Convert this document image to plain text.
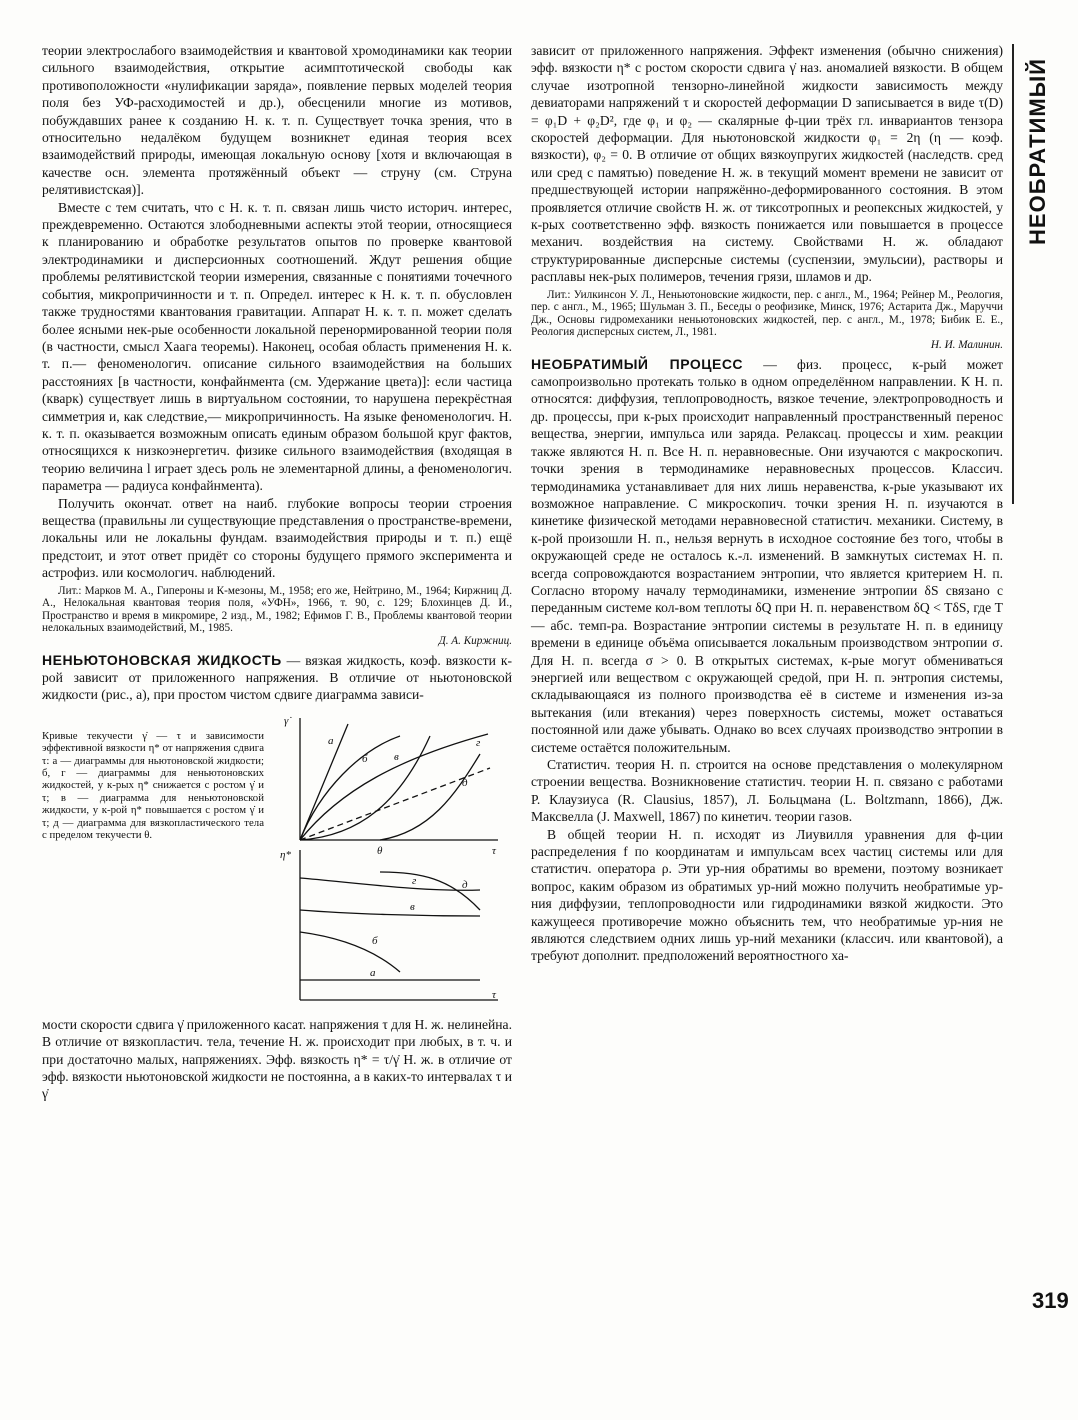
НЕОБРАТИМЫЙ

теории электрослабого взаимодействия и квантовой хромодинамики как теории сильного взаимодействия, открытие асимптотической свободы как противоположности «нулификации заряда», появление первых моделей теория поля без УФ-расходимостей и др.), обесценили многие из мотивов, побуждавших ранее к созданию Н. к. т. п. Существует точка зрения, что в относительно недалёком будущем возникнет единая теория всех взаимодействий природы, имеющая локальную основу [хотя и включающая в качестве осн. элемента протяжённый объект — струну (см. Струна релятивистская)].

Вместе с тем считать, что с Н. к. т. п. связан лишь чисто историч. интерес, преждевременно. Остаются злободневными аспекты этой теории, относящиеся к планированию и обработке результатов опытов по проверке квантовой электродинамики и дисперсионных соотношений. Ждут решения общие проблемы релятивистской теории измерения, связанные с понятиями точечного события, микропричинности и т. п. Определ. интерес к Н. к. т. п. обусловлен также трудностями квантования гравитации. Аппарат Н. к. т. п. может сделать более ясными нек-рые особенности локальной перенормированной теории поля (в частности, смысл Хаага теоремы). Наконец, особая область применения Н. к. т. п.— феноменологич. описание сильного взаимодействия на больших расстояниях [в частности, конфайнмента (см. Удержание цвета)]: если частица (кварк) существует лишь в виртуальном состоянии, то нарушена перекрёстная симметрия и, как следствие,— микропричинность. На языке феноменологич. Н. к. т. п. оказывается возможным описать единым образом большой круг фактов, относящихся к низкоэнергетич. физике сильного взаимодействия (входящая в теорию величина l играет здесь роль не элементарной длины, а феноменологич. параметра — радиуса конфайнмента).

Получить окончат. ответ на наиб. глубокие вопросы теории строения вещества (правильны ли существующие представления о пространстве-времени, локальны или не локальны фундам. взаимодействия природы и т. п.) ещё предстоит, и этот ответ придёт со стороны будущего прямого эксперимента и астрофиз. или космологич. наблюдений.

Лит.: Марков М. А., Гипероны и К-мезоны, М., 1958; его же, Нейтрино, М., 1964; Киржниц Д. А., Нелокальная квантовая теория поля, «УФН», 1966, т. 90, с. 129; Блохинцев Д. И., Пространство и время в микромире, 2 изд., М., 1982; Ефимов Г. В., Проблемы квантовой теории нелокальных взаимодействий, М., 1985.
Д. А. Киржниц.

НЕНЬЮТОНОВСКАЯ ЖИДКОСТЬ — вязкая жидкость, коэф. вязкости к-рой зависит от приложенного напряжения. В отличие от ньютоновской жидкости (рис., а), при простом чистом сдвиге диаграмма зависи-

Кривые текучести γ̇ — τ и зависимости эффективной вязкости η* от напряжения сдвига τ: а — диаграммы для ньютоновской жидкости; б, г — диаграммы для неньютоновских жидкостей, у к-рых η* снижается с ростом γ̇ и τ; в — диаграмма для неньютоновской жидкости, у к-рой η* повышается с ростом γ̇ и τ; д — диаграмма для вязкопластического тела с пределом текучести θ.
γ̇
η*	τ
τ
θ
а
б в
г
д
д
г
в
б
а

мости скорости сдвига γ̇ приложенного касат. напряжения τ для Н. ж. нелинейна. В отличие от вязкопластич. тела, течение Н. ж. происходит при любых, в т. ч. и при достаточно малых, напряжениях. Эфф. вязкость η* = τ/γ̇ Н. ж. в отличие от эфф. вязкости ньютоновской жидкости не постоянна, а в каких-то интервалах τ и γ̇

зависит от приложенного напряжения. Эффект изменения (обычно снижения) эфф. вязкости η* с ростом скорости сдвига γ̇ наз. аномалией вязкости. В общем случае изотропной тензорно-линейной жидкости зависимость между девиаторами напряжений τ и скоростей деформации D записывается в виде τ(D) = φ₁D + φ₂D², где φ₁ и φ₂ — скалярные ф-ции трёх гл. инвариантов тензора скоростей деформации. Для ньютоновской жидкости φ₁ = 2η (η — коэф. вязкости), φ₂ = 0. В отличие от общих вязкоупругих жидкостей (наследств. сред или сред с памятью) поведение Н. ж. в текущий момент времени не зависит от предшествующей истории напряжённо-деформированного состояния. В этом проявляется отличие свойств Н. ж. от тиксотропных и реопексных жидкостей, у к-рых соответственно эфф. вязкость понижается или повышается в процессе механич. воздействия на систему. Свойствами Н. ж. обладают структурированные дисперсные системы (суспензии, эмульсии), растворы и расплавы нек-рых полимеров, течения грязи, шламов и др.

Лит.: Уилкинсон У. Л., Неньютоновские жидкости, пер. с англ., М., 1964; Рейнер М., Реология, пер. с англ., М., 1965; Шульман З. П., Беседы о реофизике, Минск, 1976; Астарита Дж., Маруччи Дж., Основы гидромеханики неньютоновских жидкостей, пер. с англ., М., 1978; Бибик Е. Е., Реология дисперсных систем, Л., 1981.
Н. И. Малинин.

НЕОБРАТИМЫЙ ПРОЦЕСС — физ. процесс, к-рый может самопроизвольно протекать только в одном определённом направлении. К Н. п. относятся: диффузия, теплопроводность, вязкое течение, электропроводность и др. процессы, при к-рых происходит направленный пространственный перенос вещества, энергии, импульса или заряда. Релаксац. процессы и хим. реакции также являются Н. п. Все Н. п. неравновесные. Они изучаются с макроскопич. точки зрения в термодинамике неравновесных процессов. Классич. термодинамика устанавливает для них лишь неравенства, к-рые указывают их возможное направление. С микроскопич. точки зрения Н. п. изучаются в кинетике физической методами неравновесной статистич. механики. Систему, в к-рой произошли Н. п., нельзя вернуть в исходное состояние без того, чтобы в окружающей среде не осталось к.-л. изменений. В замкнутых системах Н. п. всегда сопровождаются возрастанием энтропии, что является критерием Н. п. Согласно второму началу термодинамики, изменение энтропии δS связано с переданным системе кол-вом теплоты δQ при Н. п. неравенством δQ < TδS, где T — абс. темп-ра. Возрастание энтропии системы в результате Н. п. в единицу времени в единице объёма описывается локальным производством энтропии σ. Для Н. п. всегда σ > 0. В открытых системах, к-рые могут обмениваться энергией или веществом с окружающей средой, при Н. п. энтропия системы, складывающаяся из полного производства её в системе и изменения из-за вытекания (или втекания) через поверхность системы, может оставаться постоянной или даже убывать. Однако во всех случаях производство энтропии в системе остаётся положительным.

Статистич. теория Н. п. строится на основе представления о молекулярном строении вещества. Возникновение статистич. теории Н. п. связано с работами Р. Клаузиуса (R. Clausius, 1857), Л. Больцмана (L. Boltzmann, 1866), Дж. Максвелла (J. Maxwell, 1867) по кинетич. теории газов.

В общей теории Н. п. исходят из Лиувилля уравнения для ф-ции распределения f по координатам и импульсам всех частиц системы или для статистич. оператора ρ. Эти ур-ния обратимы во времени, поэтому возникает вопрос, каким образом из обратимых ур-ний можно получить необратимые ур-ния диффузии, теплопроводности или гидродинамики вязкой жидкости. Это кажущееся противоречие можно объяснить тем, что необратимые ур-ния не являются следствием одних лишь ур-ний механики (классич. или квантовой), а требуют дополнит. предположений вероятностного ха-

319
